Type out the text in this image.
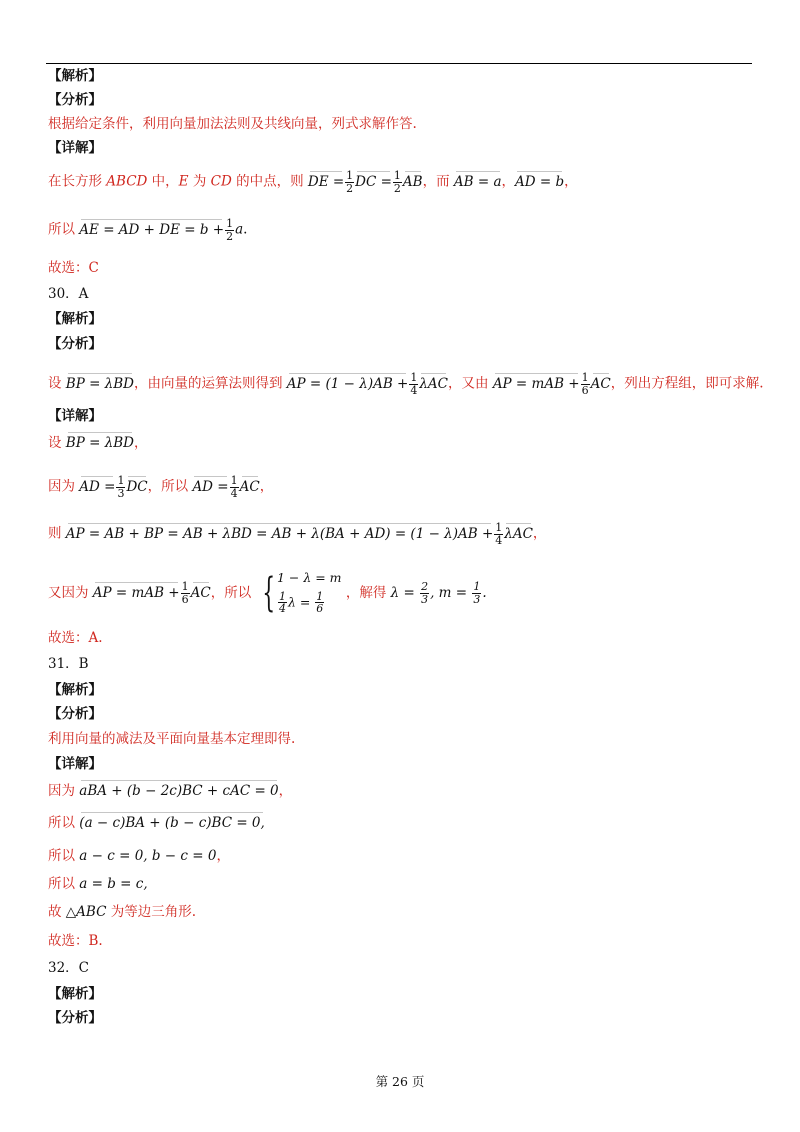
【解析】
【分析】
根据给定条件，利用向量加法法则及共线向量，列式求解作答.
【详解】
在长方形 ABCD 中，E 为 CD 的中点，则 DE = $\frac{1}{2}$ DC = $\frac{1}{2}$ AB，而 AB = a，AD = b，
所以 AE = AD + DE = $b + \frac{1}{2} a$.
故选：C
30．A
【解析】
【分析】
设 BP = λBD，由向量的运算法则得到 AP = $(1 - \lambda)AB + \frac{1}{4}$ λAC，又由 AP = mAB + $\frac{1}{6}$ AC，列出方程组，即可求解.
【详解】
设 BP = λBD，
因为 AD = $\frac{1}{3}$ DC，所以 AD = $\frac{1}{4}$ AC，
则 AP = AB + BP = AB + λBD = AB + $\lambda(BA + AD) = (1 - \lambda)AB + \frac{1}{4}$ λAC，
又因为 AP = mAB + $\frac{1}{6}$ AC，所以 { 1 − λ = m
$\frac{1}{4}$ $\lambda = \frac{1}{6}$ ，解得 $\lambda = \frac{2}{3}$ , $m = \frac{1}{3}$ .
故选：A.
31．B
【解析】
【分析】
利用向量的减法及平面向量基本定理即得.
【详解】
因为 aBA + (b − 2c)BC + cAC = 0，
所以 (a − c)BA + (b − c)BC = 0,
所以 a − c = 0, b − c = 0，
所以 a = b = c,
故 △ABC 为等边三角形.
故选：B.
32．C
【解析】
【分析】
第 26 页
